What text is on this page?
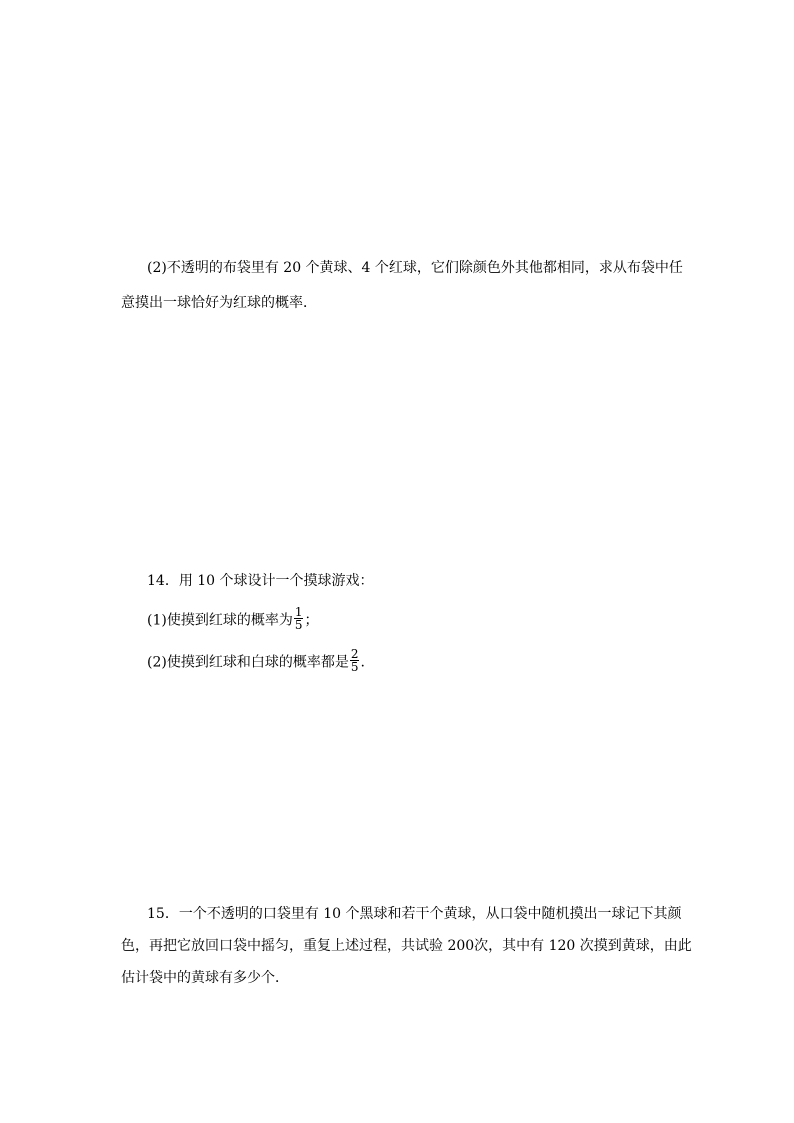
(2)不透明的布袋里有 20 个黄球、4 个红球，它们除颜色外其他都相同，求从布袋中任
意摸出一球恰好为红球的概率．
14．用 10 个球设计一个摸球游戏：
(1)使摸到红球的概率为 $\frac{1}{5}$ ；
(2)使摸到红球和白球的概率都是 $\frac{2}{5}$ .
15．一个不透明的口袋里有 10 个黑球和若干个黄球，从口袋中随机摸出一球记下其颜
色，再把它放回口袋中摇匀，重复上述过程，共试验 200次，其中有 120 次摸到黄球，由此
估计袋中的黄球有多少个．
